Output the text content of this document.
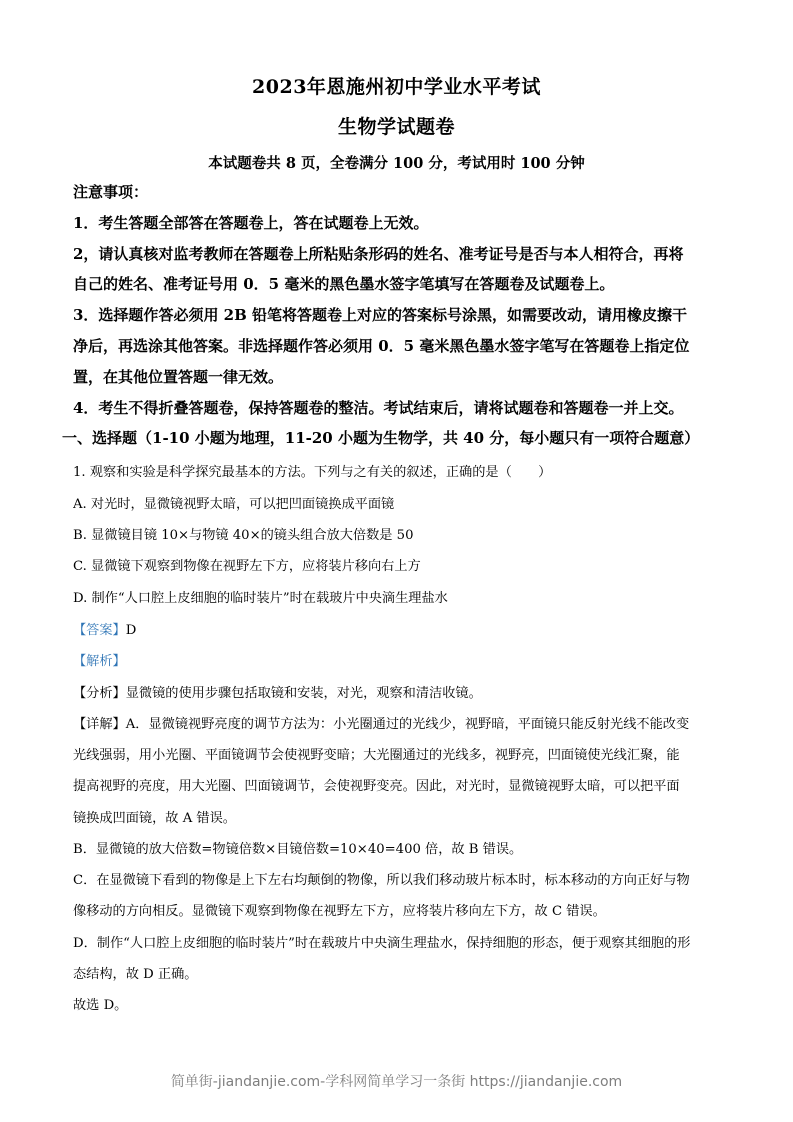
2023年恩施州初中学业水平考试
生物学试题卷
本试题卷共 8 页，全卷满分 100 分，考试用时 100 分钟
注意事项：
1．考生答题全部答在答题卷上，答在试题卷上无效。
2，请认真核对监考教师在答题卷上所粘贴条形码的姓名、准考证号是否与本人相符合，再将
自己的姓名、准考证号用 0．5 毫米的黑色墨水签字笔填写在答题卷及试题卷上。
3．选择题作答必须用 2B 铅笔将答题卷上对应的答案标号涂黑，如需要改动，请用橡皮擦干
净后，再选涂其他答案。非选择题作答必须用 0．5 毫米黑色墨水签字笔写在答题卷上指定位
置，在其他位置答题一律无效。
4．考生不得折叠答题卷，保持答题卷的整洁。考试结束后，请将试题卷和答题卷一并上交。
一、选择题（1-10 小题为地理，11-20 小题为生物学，共 40 分，每小题只有一项符合题意）
1. 观察和实验是科学探究最基本的方法。下列与之有关的叙述，正确的是（　　）
A. 对光时，显微镜视野太暗，可以把凹面镜换成平面镜
B. 显微镜目镜 10×与物镜 40×的镜头组合放大倍数是 50
C. 显微镜下观察到物像在视野左下方，应将装片移向右上方
D. 制作“人口腔上皮细胞的临时装片”时在载玻片中央滴生理盐水
【答案】D
【解析】
【分析】显微镜的使用步骤包括取镜和安装，对光，观察和清洁收镜。
【详解】A．显微镜视野亮度的调节方法为：小光圈通过的光线少，视野暗，平面镜只能反射光线不能改变
光线强弱，用小光圈、平面镜调节会使视野变暗；大光圈通过的光线多，视野亮，凹面镜使光线汇聚，能
提高视野的亮度，用大光圈、凹面镜调节，会使视野变亮。因此，对光时，显微镜视野太暗，可以把平面
镜换成凹面镜，故 A 错误。
B．显微镜的放大倍数=物镜倍数×目镜倍数=10×40=400 倍，故 B 错误。
C．在显微镜下看到的物像是上下左右均颠倒的物像，所以我们移动玻片标本时，标本移动的方向正好与物
像移动的方向相反。显微镜下观察到物像在视野左下方，应将装片移向左下方，故 C 错误。
D．制作“人口腔上皮细胞的临时装片”时在载玻片中央滴生理盐水，保持细胞的形态，便于观察其细胞的形
态结构，故 D 正确。
故选 D。
简单街-jiandanjie.com-学科网简单学习一条街 https://jiandanjie.com
